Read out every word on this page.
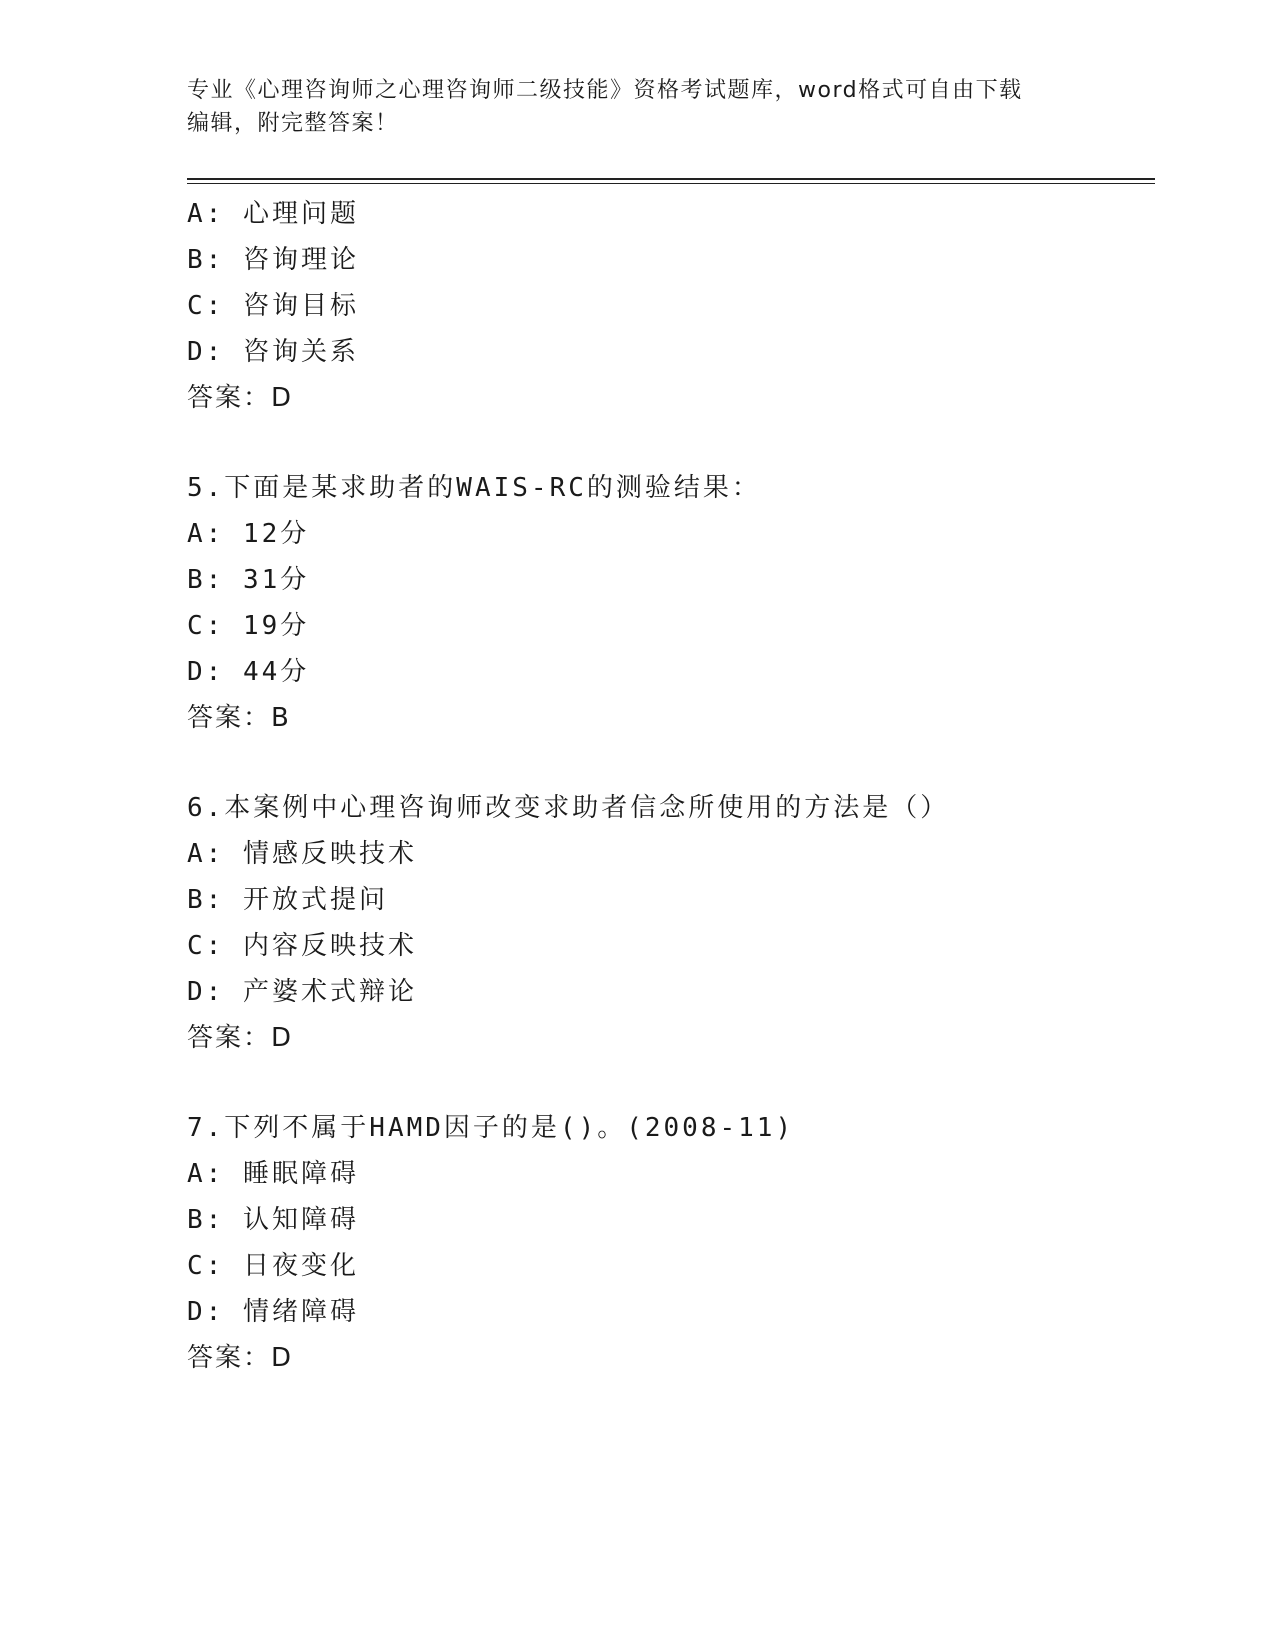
专业《心理咨询师之心理咨询师二级技能》资格考试题库，word格式可自由下载
编辑，附完整答案！
A: 心理问题
B: 咨询理论
C: 咨询目标
D: 咨询关系
答案：D
5.下面是某求助者的WAIS-RC的测验结果：
A: 12分
B: 31分
C: 19分
D: 44分
答案：B
6.本案例中心理咨询师改变求助者信念所使用的方法是（）
A: 情感反映技术
B: 开放式提问
C: 内容反映技术
D: 产婆术式辩论
答案：D
7.下列不属于HAMD因子的是()。(2008-11)
A: 睡眠障碍
B: 认知障碍
C: 日夜变化
D: 情绪障碍
答案：D
